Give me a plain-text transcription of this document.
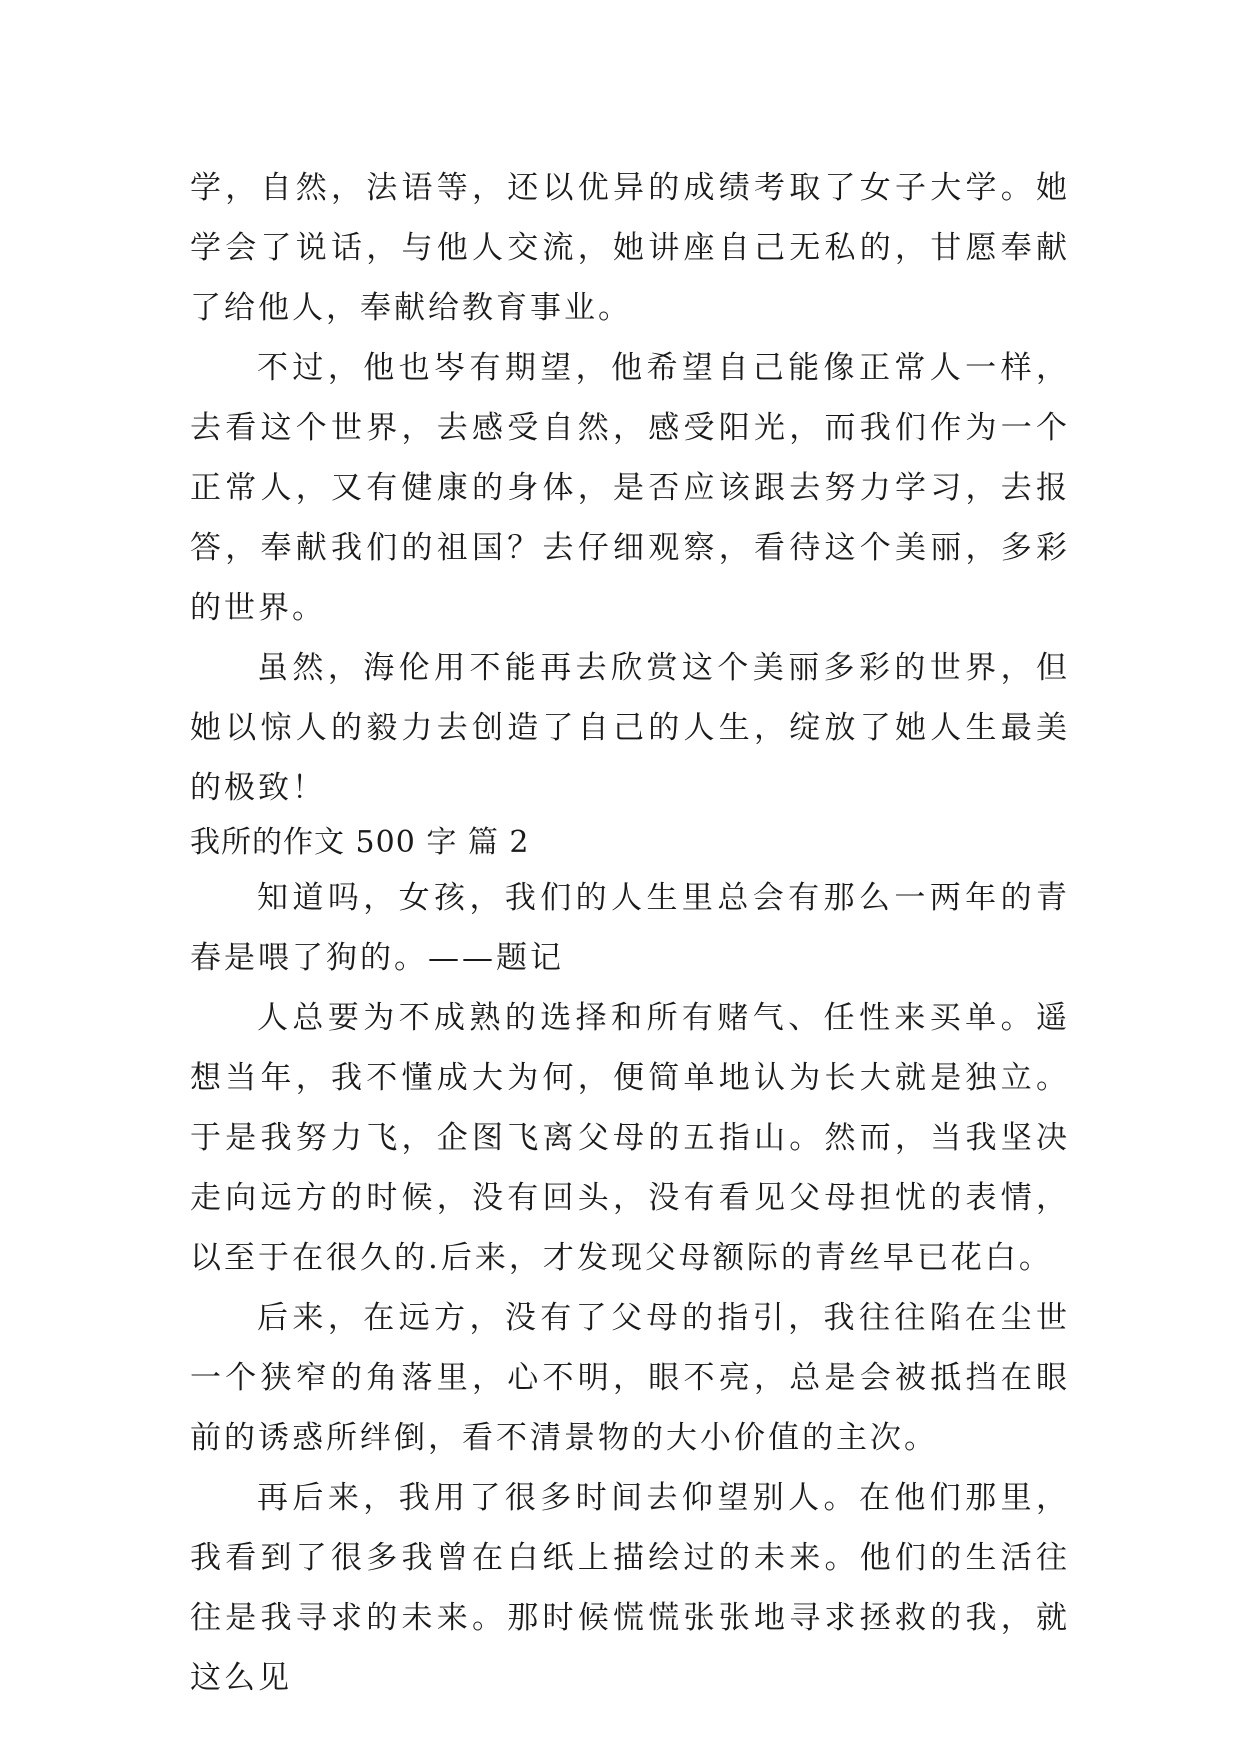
学，自然，法语等，还以优异的成绩考取了女子大学。她学会了说话，与他人交流，她讲座自己无私的，甘愿奉献了给他人，奉献给教育事业。

不过，他也岑有期望，他希望自己能像正常人一样，去看这个世界，去感受自然，感受阳光，而我们作为一个正常人，又有健康的身体，是否应该跟去努力学习，去报答，奉献我们的祖国？去仔细观察，看待这个美丽，多彩的世界。

虽然，海伦用不能再去欣赏这个美丽多彩的世界，但她以惊人的毅力去创造了自己的人生，绽放了她人生最美的极致！

我所的作文 500 字 篇 2

知道吗，女孩，我们的人生里总会有那么一两年的青春是喂了狗的。——题记

人总要为不成熟的选择和所有赌气、任性来买单。遥想当年，我不懂成大为何，便简单地认为长大就是独立。于是我努力飞，企图飞离父母的五指山。然而，当我坚决走向远方的时候，没有回头，没有看见父母担忧的表情，以至于在很久的.后来，才发现父母额际的青丝早已花白。

后来，在远方，没有了父母的指引，我往往陷在尘世一个狭窄的角落里，心不明，眼不亮，总是会被抵挡在眼前的诱惑所绊倒，看不清景物的大小价值的主次。

再后来，我用了很多时间去仰望别人。在他们那里，我看到了很多我曾在白纸上描绘过的未来。他们的生活往往是我寻求的未来。那时候慌慌张张地寻求拯救的我，就这么见
